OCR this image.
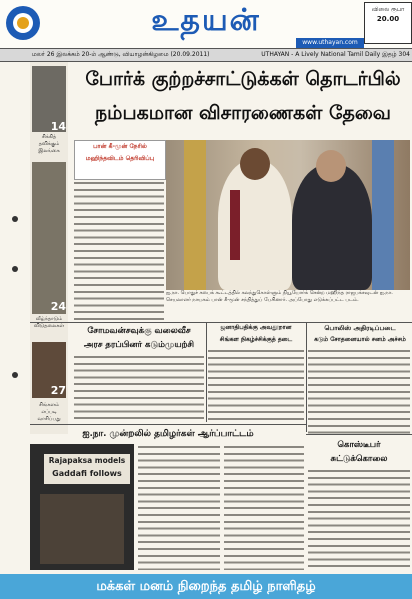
உதயன்
www.uthayan.com
விலை ரூபா
20.00
மலர் 26 இலக்கம் 20-ம் ஆண்டு, வியாழன்கிழமை (20.09.2011)	UTHAYAN - A Lively National Tamil Daily இதழ் 304
14
சிக்கித் தவிக்கும் இலங்கை
24
வீழ்ந்தாடும் விடுதலைகள்
27
சிங்களம் எப்படி வாசிப்பது
போர்க் குற்றச்சாட்டுக்கள் தொடர்பில்
நம்பகமான விசாரணைகள் தேவை
பான் கீ-மூன் நேரில்
மஹிந்தவிடம் தெரிவிப்பு
ஐ.நா. பொதுச் சபைக் கூட்டத்தில் கலந்துகொள்ளும் நியூயோர்க் சென்ற மஹிந்த ராஜபக்சவுடன் ஐ.நா. செயலாளர் நாயகம் பான் கீ-மூன் சந்தித்துப் பேசினார். அப்போது எடுக்கப்பட்ட படம்.
சோமவன்சவுக்கு வலைவீச
அரச தரப்பினர் கடும்முயற்சி
ஜனாதிபதிக்கு அவதூறான
சிங்கள நிகழ்ச்சிக்குத் தடை
பொலிஸ் அதிரடிப்படை
கடும் சோதனையால் சனம் அச்சம்
ஐ.நா. முன்றலில் தமிழர்கள் ஆர்ப்பாட்டம்
Rajapaksa models
Gaddafi follows
கொஸ்டீபர்
சுட்டுக்கொலை
மக்கள் மனம் நிறைந்த தமிழ் நாளிதழ்
